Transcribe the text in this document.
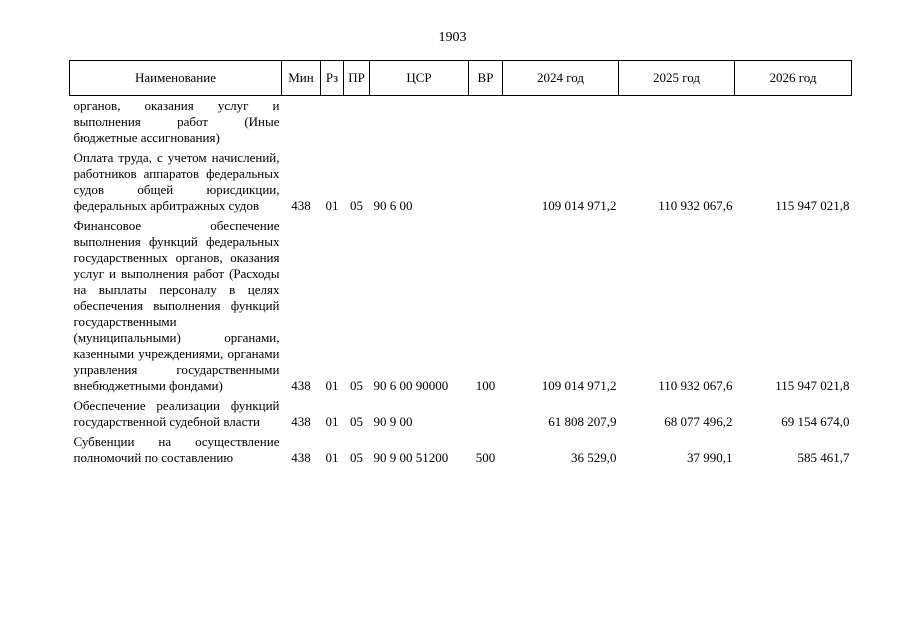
1903
Наименование	Мин	Рз	ПР	ЦСР	ВР	2024 год	2025 год	2026 год
органов, оказания услуг и выполнения работ (Иные бюджетные ассигнования)								
Оплата труда, с учетом начислений, работников аппаратов федеральных судов общей юрисдикции, федеральных арбитражных судов	438	01	05	90 6 00		109 014 971,2	110 932 067,6	115 947 021,8
Финансовое обеспечение выполнения функций федеральных государственных органов, оказания услуг и выполнения работ (Расходы на выплаты персоналу в целях обеспечения выполнения функций государственными (муниципальными) органами, казенными учреждениями, органами управления государственными внебюджетными фондами)	438	01	05	90 6 00 90000	100	109 014 971,2	110 932 067,6	115 947 021,8
Обеспечение реализации функций государственной судебной власти	438	01	05	90 9 00		61 808 207,9	68 077 496,2	69 154 674,0
Субвенции на осуществление полномочий по составлению	438	01	05	90 9 00 51200	500	36 529,0	37 990,1	585 461,7
